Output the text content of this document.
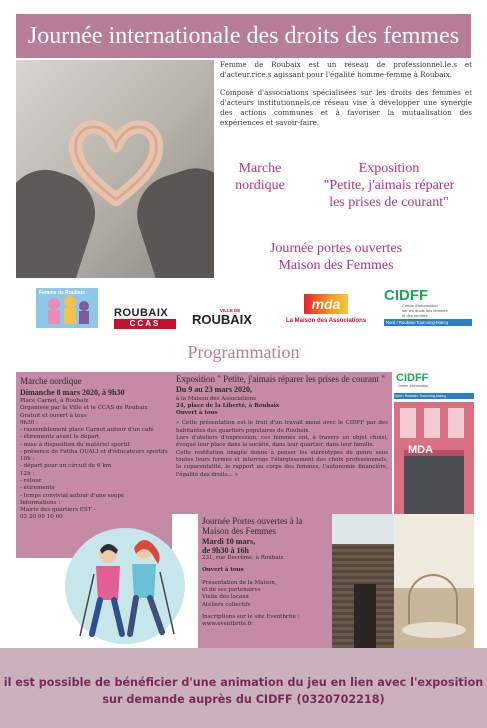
Journée internationale des droits des femmes

Femme de Roubaix est un réseau de professionnel.le.s et d'acteur.rice.s agissant pour l'égalité homme-femme à Roubaix.

Composé d'associations spécialisées sur les droits des femmes et d'acteurs institutionnels,ce réseau vise à développer une synergie des actions communes et à favoriser la mutualisation des expériences et savoir-faire.

Marche
nordique
Exposition
"Petite, j'aimais réparer
les prises de courant"
Journée portes ouvertes
Maison des Femmes
Femme de Roubaix
ROUBAIX
CCAS
VILLE DE
ROUBAIX
mda
La Maison des Associations
CIDFF
Centre d'information
sur les droits des femmes
et des familles
Nord / Roubaix-Tourcoing-Marcq
Programmation
Marche nordique
Dimanche 8 mars 2020, à 9h30
Place Carnot, à Roubaix
Organisée par la Ville et le CCAS de Roubaix
Gratuit et ouvert à tous
9h30 :
- rassemblement place Carnot autour d'un café
- étirements avant le départ
- mise à disposition du matériel sportif
- présence de Fatiha OUALI et d'éducateurs sportifs
10h :
- départ pour un circuit de 6 km
12h :
- retour
- étirements
- temps convivial autour d'une soupe
Informations :
Mairie des quartiers EST -
03 20 99 10 60
Exposition " Petite, j'aimais réparer les prises de courant "
Du 9 au 23 mars 2020,
à la Maison des Associations
24, place de la Liberté, à Roubaix
Ouvert à tous
« Cette présentation est le fruit d'un travail mené avec le CIDFF par des habitantes des quartiers populaires de Roubaix.
Lors d'ateliers d'expression, ces femmes ont, à travers un objet choisi, évoqué leur place dans la société, dans leur quartier, dans leur famille.
Cette restitution imagée donne à penser les stéréotypes de genre sous toutes leurs formes et interroge l'élargissement des choix professionnels, la coparentalité, le rapport au corps des femmes, l'autonomie financière, l'égalité des droits... »
CIDFF
Centre d'information
Nord / Roubaix-Tourcoing-Marcq
MDA
Journée Portes ouvertes à la Maison des Femmes
Mardi 10 mars,
de 9h30 à 16h
231, rue Decrême, à Roubaix
Ouvert à tous
Présentation de la Maison,
et de ses partenaires
Visite des locaux
Ateliers collectifs
Inscriptions sur le site Eventbrite :
www.eventbrite.fr
il est possible de bénéficier d'une animation du jeu en lien avec l'exposition
sur demande auprès du CIDFF (0320702218)
